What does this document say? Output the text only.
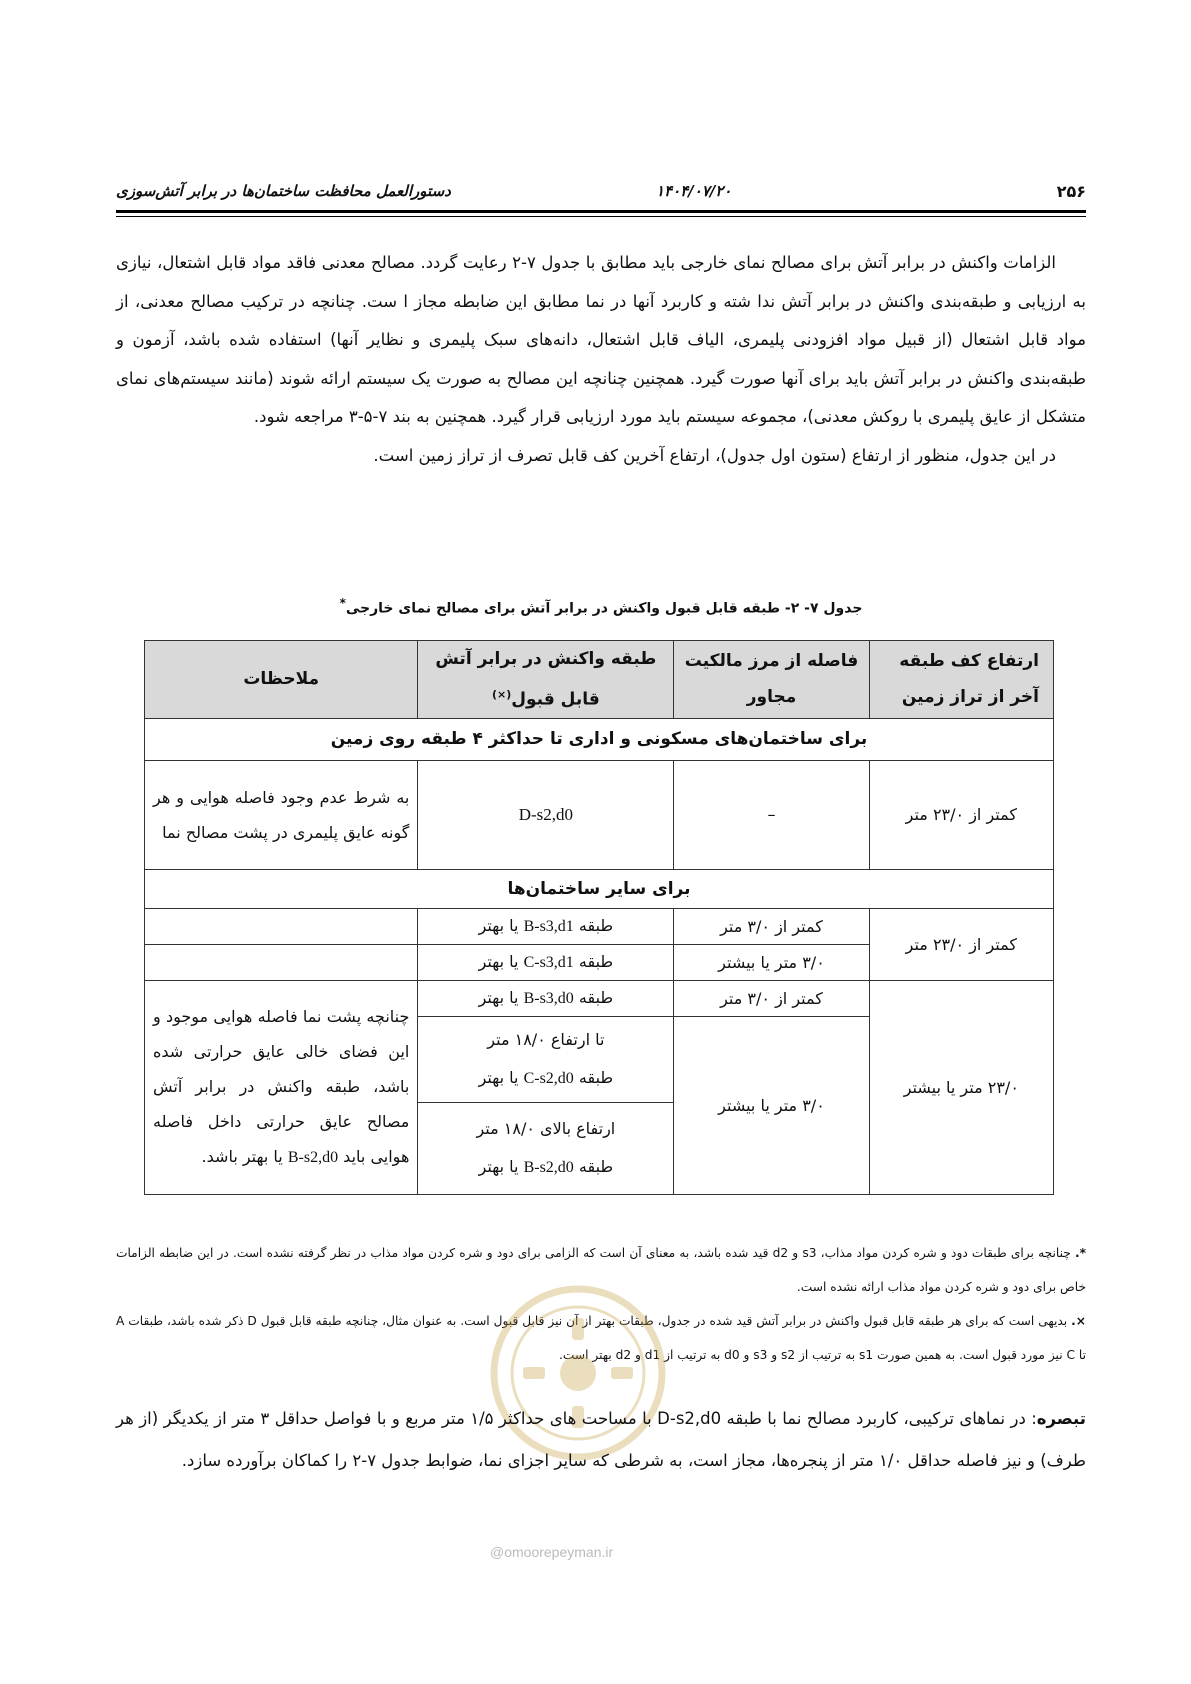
۲۵۶
۱۴۰۴/۰۷/۲۰
دستورالعمل محافظت ساختمان‌ها در برابر آتش‌سوزی

الزامات واکنش در برابر آتش برای مصالح نمای خارجی باید مطابق با جدول ۷-۲ رعایت گردد. مصالح معدنی فاقد مواد قابل اشتعال، نیازی به ارزیابی و طبقه‌بندی واکنش در برابر آتش ندا شته و کاربرد آنها در نما مطابق این ضابطه مجاز ا ست. چنانچه در ترکیب مصالح معدنی، از مواد قابل اشتعال (از قبیل مواد افزودنی پلیمری، الیاف قابل اشتعال، دانه‌های سبک پلیمری و نظایر آنها) استفاده شده باشد، آزمون و طبقه‌بندی واکنش در برابر آتش باید برای آنها صورت گیرد. همچنین چنانچه این مصالح به صورت یک سیستم ارائه شوند (مانند سیستم‌های نمای متشکل از عایق پلیمری با روکش معدنی)، مجموعه سیستم باید مورد ارزیابی قرار گیرد. همچنین به بند ۷-۵-۳ مراجعه شود.

در این جدول، منظور از ارتفاع (ستون اول جدول)، ارتفاع آخرین کف قابل تصرف از تراز زمین است.

جدول ۷- ۲- طبقه قابل قبول واکنش در برابر آتش برای مصالح نمای خارجی*
ارتفاع کف طبقه آخر از تراز زمین	فاصله از مرز مالکیت مجاور	طبقه واکنش در برابر آتش قابل قبول(×)	ملاحظات
برای ساختمان‌های مسکونی و اداری تا حداکثر ۴ طبقه روی زمین			
کمتر از ۲۳/۰ متر	–	D-s2,d0	به شرط عدم وجود فاصله هوایی و هر گونه عایق پلیمری در پشت مصالح نما
برای سایر ساختمان‌ها			
کمتر از ۲۳/۰ متر	کمتر از ۳/۰ متر	طبقه B-s3,d1 یا بهتر	
	۳/۰ متر یا بیشتر	طبقه C-s3,d1 یا بهتر	
۲۳/۰ متر یا بیشتر	کمتر از ۳/۰ متر	طبقه B-s3,d0 یا بهتر	چنانچه پشت نما فاصله هوایی موجود و این فضای خالی عایق حرارتی شده باشد، طبقه واکنش در برابر آتش مصالح عایق حرارتی داخل فاصله هوایی باید B-s2,d0 یا بهتر باشد.
	۳/۰ متر یا بیشتر	تا ارتفاع ۱۸/۰ متر
طبقه C-s2,d0 یا بهتر	
		ارتفاع بالای ۱۸/۰ متر
طبقه B-s2,d0 یا بهتر	

*. چنانچه برای طبقات دود و شره کردن مواد مذاب، s3 و d2 قید شده باشد، به معنای آن است که الزامی برای دود و شره کردن مواد مذاب در نظر گرفته نشده است. در این ضابطه الزامات خاص برای دود و شره کردن مواد مذاب ارائه نشده است.

×. بدیهی است که برای هر طبقه قابل قبول واکنش در برابر آتش قید شده در جدول، طبقات بهتر از آن نیز قابل قبول است. به عنوان مثال، چنانچه طبقه قابل قبول D ذکر شده باشد، طبقات A تا C نیز مورد قبول است. به همین صورت s1 به ترتیب از s2 و s3 و d0 به ترتیب از d1 و d2 بهتر است.

@omoorepeyman.ir

تبصره: در نماهای ترکیبی، کاربرد مصالح نما با طبقه D-s2,d0 با مساحت های حداکثر ۱/۵ متر مربع و با فواصل حداقل ۳ متر از یکدیگر (از هر طرف) و نیز فاصله حداقل ۱/۰ متر از پنجره‌ها، مجاز است، به شرطی که سایر اجزای نما، ضوابط جدول ۷-۲ را کماکان برآورده سازد.
